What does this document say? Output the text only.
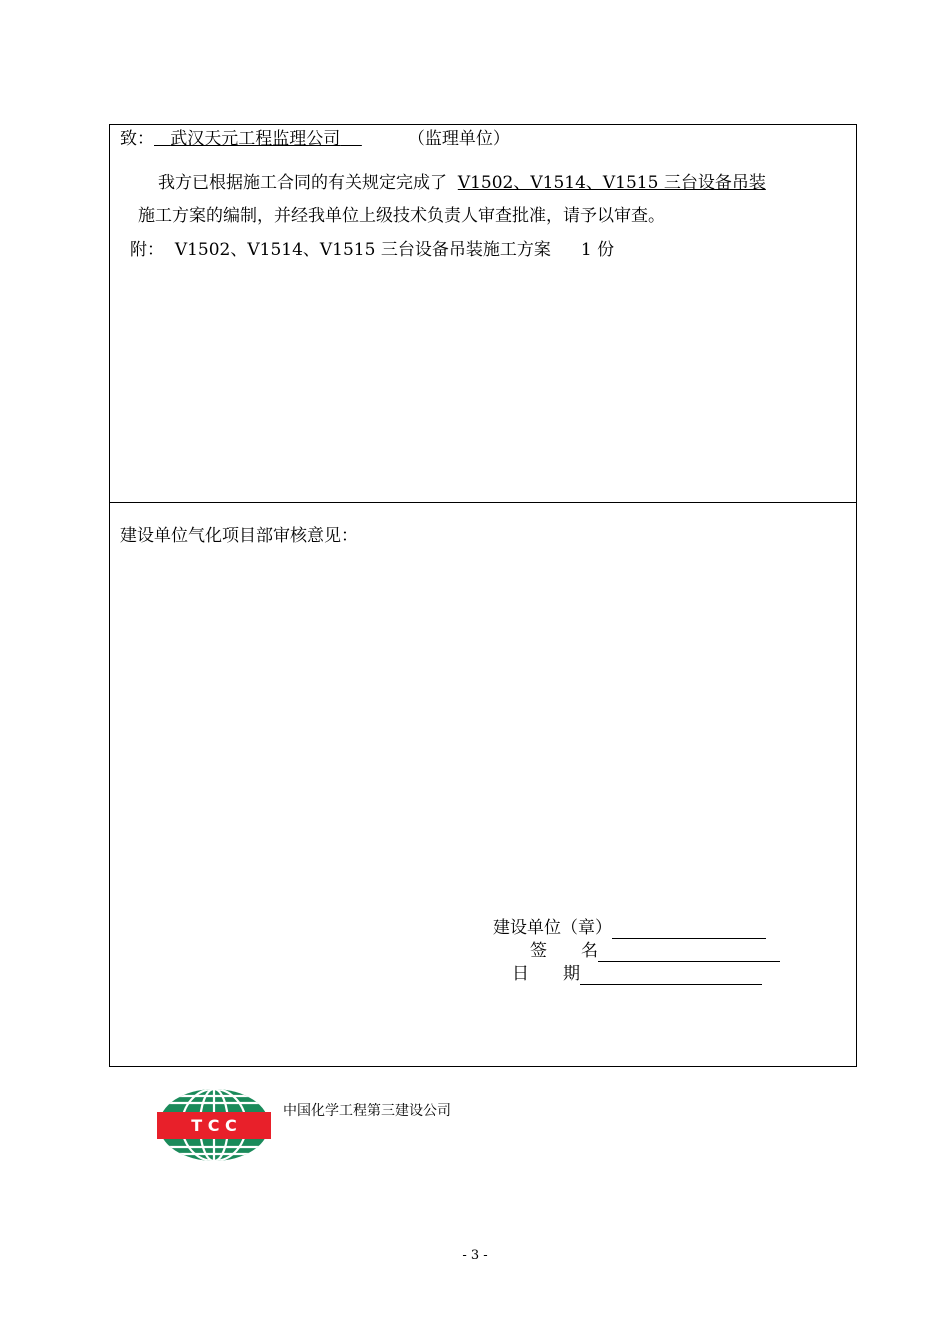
致： 武汉天元工程监理公司	（监理单位）
我方已根据施工合同的有关规定完成了 V1502、V1514、V1515 三台设备吊装
施工方案的编制，并经我单位上级技术负责人审查批准，请予以审查。
附： V1502、V1514、V1515 三台设备吊装施工方案 1 份
建设单位气化项目部审核意见：
建设单位（章）
签　　名
日　　期
T C C
中国化学工程第三建设公司
- 3 -
